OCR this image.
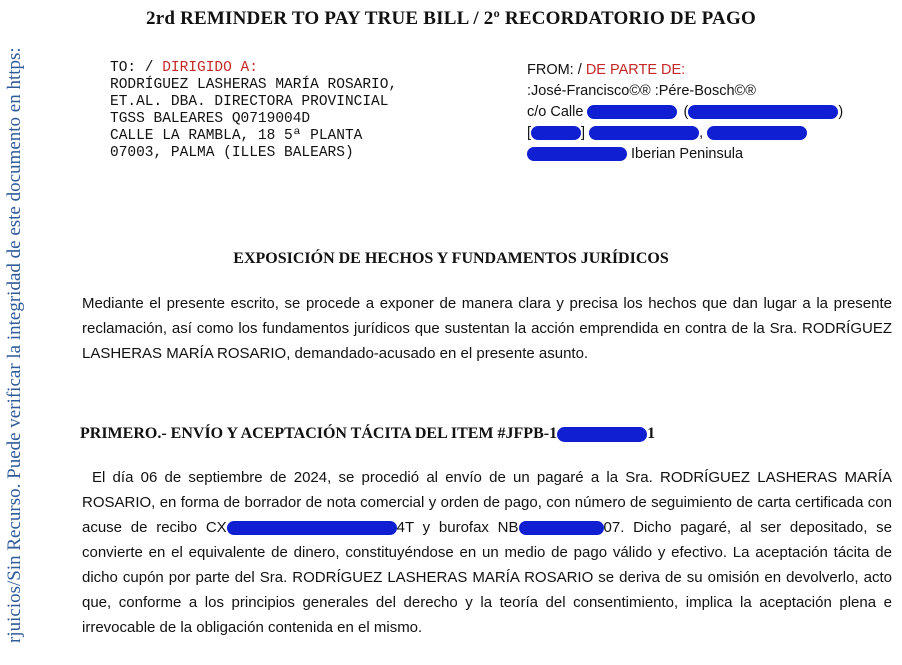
rjuicios/Sin Recurso. Puede verificar la integridad de este documento en https:
2rd REMINDER TO PAY TRUE BILL / 2º RECORDATORIO DE PAGO
TO: / DIRIGIDO A:
RODRÍGUEZ LASHERAS MARÍA ROSARIO,
ET.AL. DBA. DIRECTORA PROVINCIAL
TGSS BALEARES Q0719004D
CALLE LA RAMBLA, 18 5ª PLANTA
07003, PALMA (ILLES BALEARS)
FROM: / DE PARTE DE:
:José-Francisco©® :Pére-Bosch©®
c/o Calle	(	)
[	]	,
Iberian Peninsula
EXPOSICIÓN DE HECHOS Y FUNDAMENTOS JURÍDICOS
Mediante el presente escrito, se procede a exponer de manera clara y precisa los hechos que dan lugar a la presente reclamación, así como los fundamentos jurídicos que sustentan la acción emprendida en contra de la Sra. RODRÍGUEZ LASHERAS MARÍA ROSARIO, demandado-acusado en el presente asunto.
PRIMERO.- ENVÍO Y ACEPTACIÓN TÁCITA DEL ITEM #JFPB-1	1
El día 06 de septiembre de 2024, se procedió al envío de un pagaré a la Sra. RODRÍGUEZ LASHERAS MARÍA ROSARIO, en forma de borrador de nota comercial y orden de pago, con número de seguimiento de carta certificada con acuse de recibo CX	4T y burofax NB	07. Dicho pagaré, al ser depositado, se convierte en el equivalente de dinero, constituyéndose en un medio de pago válido y efectivo. La aceptación tácita de dicho cupón por parte del Sra. RODRÍGUEZ LASHERAS MARÍA ROSARIO se deriva de su omisión en devolverlo, acto que, conforme a los principios generales del derecho y la teoría del consentimiento, implica la aceptación plena e irrevocable de la obligación contenida en el mismo.
